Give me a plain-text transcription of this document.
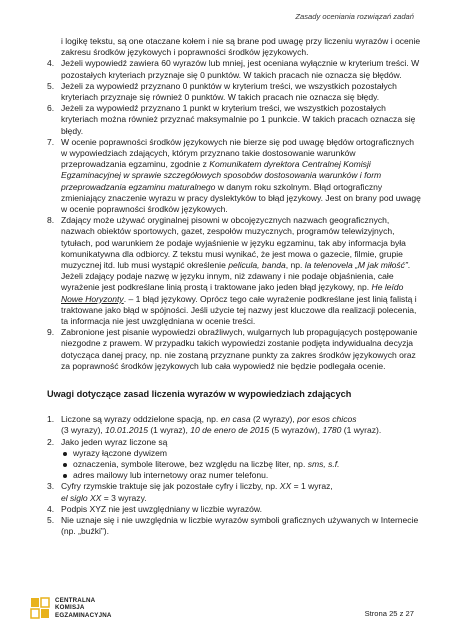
Zasady oceniania rozwiązań zadań

i logikę tekstu, są one otaczane kołem i nie są brane pod uwagę przy liczeniu wyrazów i ocenie zakresu środków językowych i poprawności środków językowych.

4. Jeżeli wypowiedź zawiera 60 wyrazów lub mniej, jest oceniana wyłącznie w kryterium treści. W pozostałych kryteriach przyznaje się 0 punktów. W takich pracach nie oznacza się błędów.

5. Jeżeli za wypowiedź przyznano 0 punktów w kryterium treści, we wszystkich pozostałych kryteriach przyznaje się również 0 punktów. W takich pracach nie oznacza się błędy.

6. Jeżeli za wypowiedź przyznano 1 punkt w kryterium treści, we wszystkich pozostałych kryteriach można również przyznać maksymalnie po 1 punkcie. W takich pracach oznacza się błędy.

7. W ocenie poprawności środków językowych nie bierze się pod uwagę błędów ortograficznych w wypowiedziach zdających, którym przyznano takie dostosowanie warunków przeprowadzania egzaminu, zgodnie z Komunikatem dyrektora Centralnej Komisji Egzaminacyjnej w sprawie szczegółowych sposobów dostosowania warunków i form przeprowadzania egzaminu maturalnego w danym roku szkolnym. Błąd ortograficzny zmieniający znaczenie wyrazu w pracy dyslektyków to błąd językowy. Jest on brany pod uwagę w ocenie poprawności środków językowych.

8. Zdający może używać oryginalnej pisowni w obcojęzycznych nazwach geograficznych, nazwach obiektów sportowych, gazet, zespołów muzycznych, programów telewizyjnych, tytułach, pod warunkiem że podaje wyjaśnienie w języku egzaminu, tak aby informacja była komunikatywna dla odbiorcy. Z tekstu musi wynikać, że jest mowa o gazecie, filmie, grupie muzycznej itd. lub musi wystąpić określenie pelicula, banda, np. la telenovela „M jak miłość”.

Jeżeli zdający podaje nazwę w języku innym, niż zdawany i nie podaje objaśnienia, całe wyrażenie jest podkreślane linią prostą i traktowane jako jeden błąd językowy, np. He leído Nowe Horyzonty. – 1 błąd językowy. Oprócz tego całe wyrażenie podkreślane jest linią falistą i traktowane jako błąd w spójności. Jeśli użycie tej nazwy jest kluczowe dla realizacji polecenia, ta informacja nie jest uwzględniana w ocenie treści.

9. Zabronione jest pisanie wypowiedzi obraźliwych, wulgarnych lub propagujących postępowanie niezgodne z prawem. W przypadku takich wypowiedzi zostanie podjęta indywidualna decyzja dotycząca danej pracy, np. nie zostaną przyznane punkty za zakres środków językowych oraz za poprawność środków językowych lub cała wypowiedź nie będzie podlegała ocenie.

Uwagi dotyczące zasad liczenia wyrazów w wypowiedziach zdających
1. Liczone są wyrazy oddzielone spacją, np. en casa (2 wyrazy), por esos chicos
(3 wyrazy), 10.01.2015 (1 wyraz), 10 de enero de 2015 (5 wyrazów), 1780 (1 wyraz).

2. Jako jeden wyraz liczone są

wyrazy łączone dywizem
oznaczenia, symbole literowe, bez względu na liczbę liter, np. sms, s.f.
adres mailowy lub internetowy oraz numer telefonu.
3. Cyfry rzymskie traktuje się jak pozostałe cyfry i liczby, np. XX = 1 wyraz,
el siglo XX = 3 wyrazy.

4. Podpis XYZ nie jest uwzględniany w liczbie wyrazów.

5. Nie uznaje się i nie uwzględnia w liczbie wyrazów symboli graficznych używanych w Internecie (np. „buźki”).

CENTRALNA
KOMISJA
EGZAMINACYJNA	Strona 25 z 27
